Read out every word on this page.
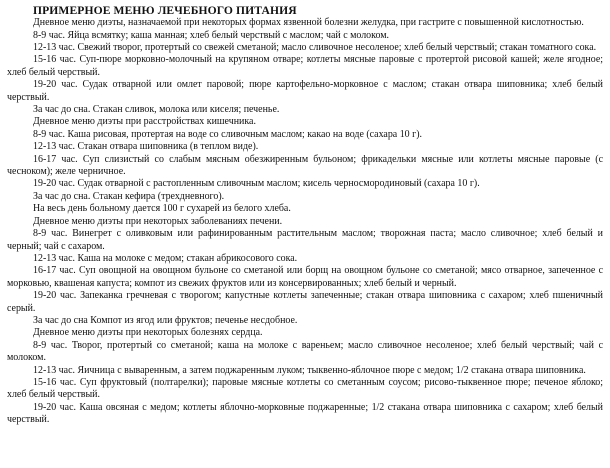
ПРИМЕРНОЕ МЕНЮ ЛЕЧЕБНОГО ПИТАНИЯ

Дневное меню диэты, назначаемой при некоторых формах язвенной болезни желудка, при гастрите с повышенной кислотностью.

8-9 час. Яйца всмятку; каша манная; хлеб белый черствый с маслом; чай с молоком.

12-13 час. Свежий творог, протертый со свежей сметаной; масло сливочное несоленое; хлеб белый черствый; стакан томатного сока.

15-16 час. Суп-пюре морковно-молочный на крупяном отваре; котлеты мясные паровые с протертой рисовой кашей; желе ягодное; хлеб белый черствый.

19-20 час. Судак отварной или омлет паровой; пюре картофельно-морковное с маслом; стакан отвара шиповника; хлеб белый черствый.

За час до сна. Стакан сливок, молока или киселя; печенье.

Дневное меню диэты при расстройствах кишечника.

8-9 час. Каша рисовая, протертая на воде со сливочным маслом; какао на воде (сахара 10 г).

12-13 час. Стакан отвара шиповника (в теплом виде).

16-17 час. Суп слизистый со слабым мясным обезжиренным бульоном; фрикадельки мясные или котлеты мясные паровые (с чесноком); желе черничное.

19-20 час. Судак отварной с растопленным сливочным маслом; кисель черносмородиновый (сахара 10 г).

За час до сна. Стакан кефира (трехдневного).

На весь день больному дается 100 г сухарей из белого хлеба.

Дневное меню диэты при некоторых заболеваниях печени.

8-9 час. Винегрет с оливковым или рафинированным растительным маслом; творожная паста; масло сливочное; хлеб белый и черный; чай с сахаром.

12-13 час. Каша на молоке с медом; стакан абрикосового сока.

16-17 час. Суп овощной на овощном бульоне со сметаной или борщ на овощном бульоне со сметаной; мясо отварное, запеченное с морковью, квашеная капуста; компот из свежих фруктов или из консервированных; хлеб белый и черный.

19-20 час. Запеканка гречневая с творогом; капустные котлеты запеченные; стакан отвара шиповника с сахаром; хлеб пшеничный серый.

За час до сна Компот из ягод или фруктов; печенье несдобное.

Дневное меню диэты при некоторых болезнях сердца.

8-9 час. Творог, протертый со сметаной; каша на молоке с вареньем; масло сливочное несоленое; хлеб белый черствый; чай с молоком.

12-13 час. Яичница с вываренным, а затем поджаренным луком; тыквенно-яблочное пюре с медом; 1/2 стакана отвара шиповника.

15-16 час. Суп фруктовый (полтарелки); паровые мясные котлеты со сметанным соусом; рисово-тыквенное пюре; печеное яблоко; хлеб белый черствый.

19-20 час. Каша овсяная с медом; котлеты яблочно-морковные поджаренные; 1/2 стакана отвара шиповника с сахаром; хлеб белый черствый.
